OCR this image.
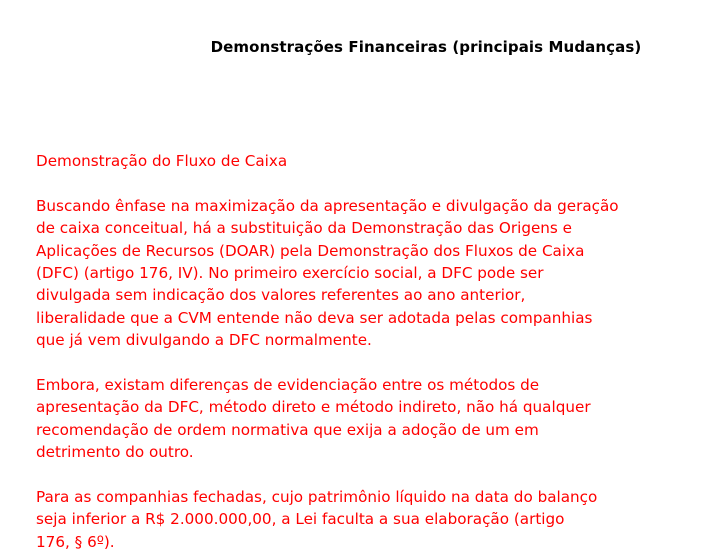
Demonstrações Financeiras (principais Mudanças)

Demonstração do Fluxo de Caixa

Buscando ênfase na maximização da apresentação e divulgação da geração

de caixa conceitual, há a substituição da Demonstração das Origens e

Aplicações de Recursos (DOAR) pela Demonstração dos Fluxos de Caixa

(DFC) (artigo 176, IV). No primeiro exercício social, a DFC pode ser

divulgada sem indicação dos valores referentes ao ano anterior,

liberalidade que a CVM entende não deva ser adotada pelas companhias

que já vem divulgando a DFC normalmente.

Embora, existam diferenças de evidenciação entre os métodos de

apresentação da DFC, método direto e método indireto, não há qualquer

recomendação de ordem normativa que exija a adoção de um em

detrimento do outro.

Para as companhias fechadas, cujo patrimônio líquido na data do balanço

seja inferior a R$ 2.000.000,00, a Lei faculta a sua elaboração (artigo

176, § 6º).
